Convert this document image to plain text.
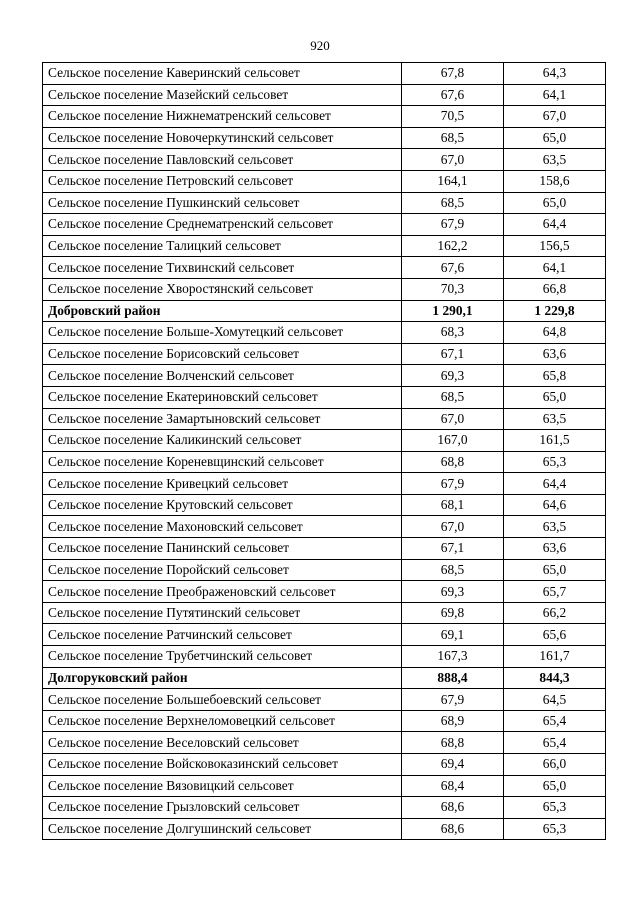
920
Сельское поселение Каверинский сельсовет	67,8	64,3
Сельское поселение Мазейский сельсовет	67,6	64,1
Сельское поселение Нижнематренский сельсовет	70,5	67,0
Сельское поселение Новочеркутинский сельсовет	68,5	65,0
Сельское поселение Павловский сельсовет	67,0	63,5
Сельское поселение Петровский сельсовет	164,1	158,6
Сельское поселение Пушкинский сельсовет	68,5	65,0
Сельское поселение Среднематренский сельсовет	67,9	64,4
Сельское поселение Талицкий сельсовет	162,2	156,5
Сельское поселение Тихвинский сельсовет	67,6	64,1
Сельское поселение Хворостянский сельсовет	70,3	66,8
Добровский район	1 290,1	1 229,8
Сельское поселение Больше-Хомутецкий сельсовет	68,3	64,8
Сельское поселение Борисовский сельсовет	67,1	63,6
Сельское поселение Волченский сельсовет	69,3	65,8
Сельское поселение Екатериновский сельсовет	68,5	65,0
Сельское поселение Замартыновский сельсовет	67,0	63,5
Сельское поселение Каликинский сельсовет	167,0	161,5
Сельское поселение Кореневщинский сельсовет	68,8	65,3
Сельское поселение Кривецкий сельсовет	67,9	64,4
Сельское поселение Крутовский сельсовет	68,1	64,6
Сельское поселение Махоновский сельсовет	67,0	63,5
Сельское поселение Панинский сельсовет	67,1	63,6
Сельское поселение Поройский сельсовет	68,5	65,0
Сельское поселение Преображеновский сельсовет	69,3	65,7
Сельское поселение Путятинский сельсовет	69,8	66,2
Сельское поселение Ратчинский сельсовет	69,1	65,6
Сельское поселение Трубетчинский сельсовет	167,3	161,7
Долгоруковский район	888,4	844,3
Сельское поселение Большебоевский сельсовет	67,9	64,5
Сельское поселение Верхнеломовецкий сельсовет	68,9	65,4
Сельское поселение Веселовский сельсовет	68,8	65,4
Сельское поселение Войсковоказинский сельсовет	69,4	66,0
Сельское поселение Вязовицкий сельсовет	68,4	65,0
Сельское поселение Грызловский сельсовет	68,6	65,3
Сельское поселение Долгушинский сельсовет	68,6	65,3
